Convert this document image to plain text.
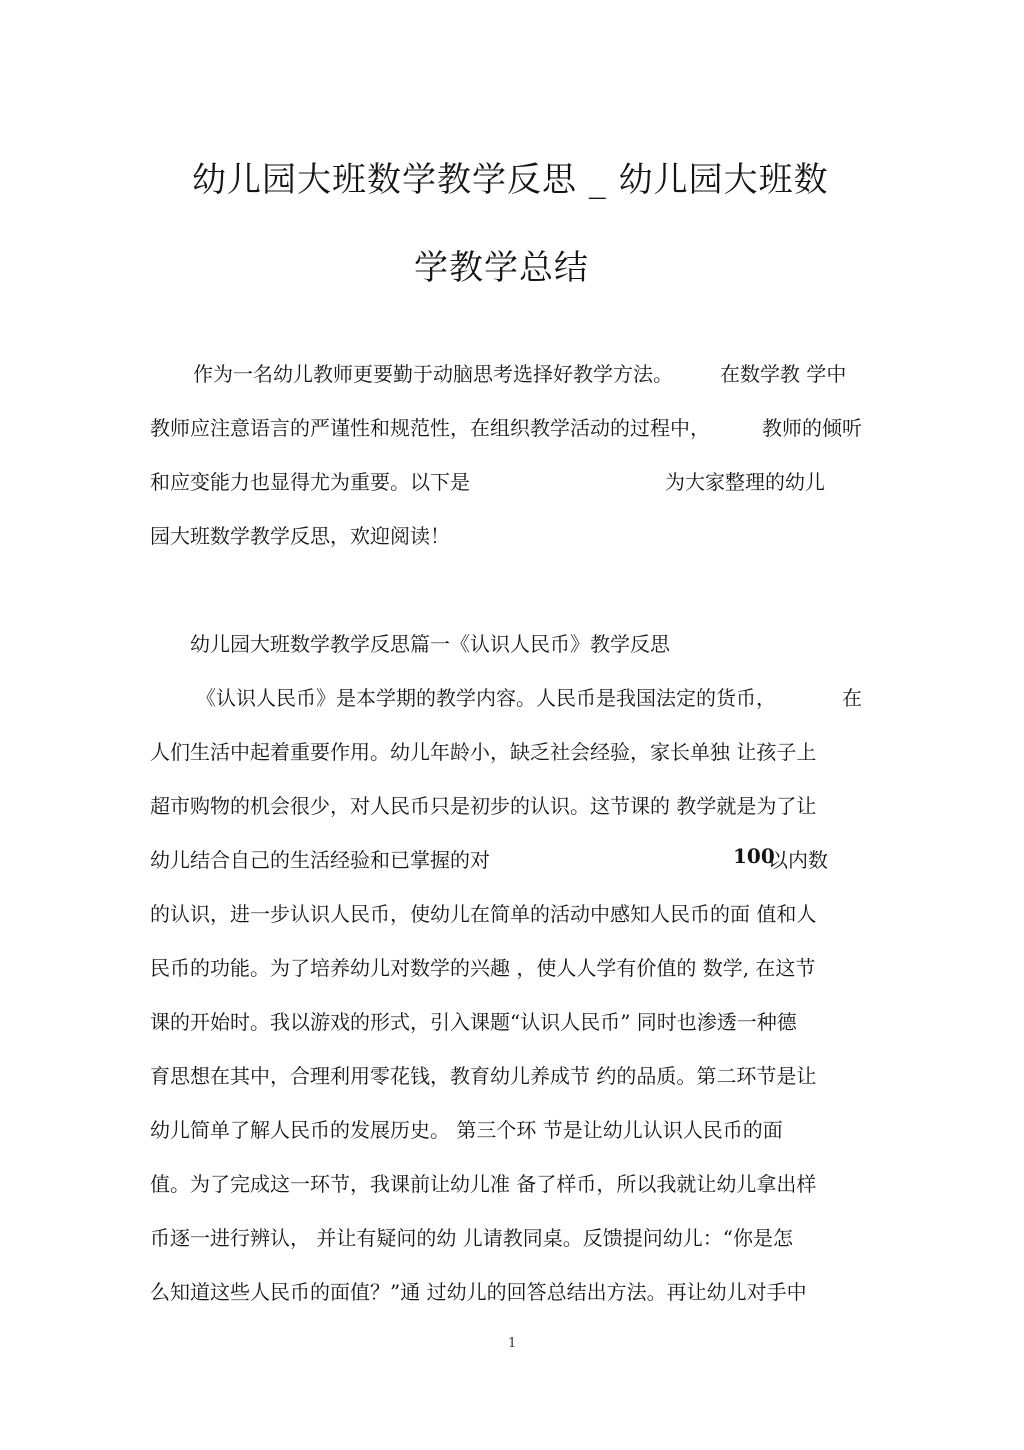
幼儿园大班数学教学反思 _ 幼儿园大班数
学教学总结
作为一名幼儿教师更要勤于动脑思考选择好教学方法。 在数学教 学中
教师应注意语言的严谨性和规范性，在组织教学活动的过程中，	教师的倾听
和应变能力也显得尤为重要。以下是	为大家整理的幼儿
园大班数学教学反思，欢迎阅读！
幼儿园大班数学教学反思篇一《认识人民币》教学反思
《认识人民币》是本学期的教学内容。人民币是我国法定的货币，	在
人们生活中起着重要作用。幼儿年龄小，缺乏社会经验，家长单独 让孩子上
超市购物的机会很少，对人民币只是初步的认识。这节课的 教学就是为了让
幼儿结合自己的生活经验和已掌握的对	100
以内数
的认识，进一步认识人民币，使幼儿在简单的活动中感知人民币的面 值和人
民币的功能。为了培养幼儿对数学的兴趣 ，使人人学有价值的 数学, 在这节
课的开始时。我以游戏的形式，引入课题“认识人民币” 同时也渗透一种德
育思想在其中，合理利用零花钱，教育幼儿养成节 约的品质。第二环节是让
幼儿简单了解人民币的发展历史。 第三个环 节是让幼儿认识人民币的面
值。为了完成这一环节，我课前让幼儿准 备了样币，所以我就让幼儿拿出样
币逐一进行辨认， 并让有疑问的幼 儿请教同桌。反馈提问幼儿：“你是怎
么知道这些人民币的面值？”通 过幼儿的回答总结出方法。再让幼儿对手中
1
